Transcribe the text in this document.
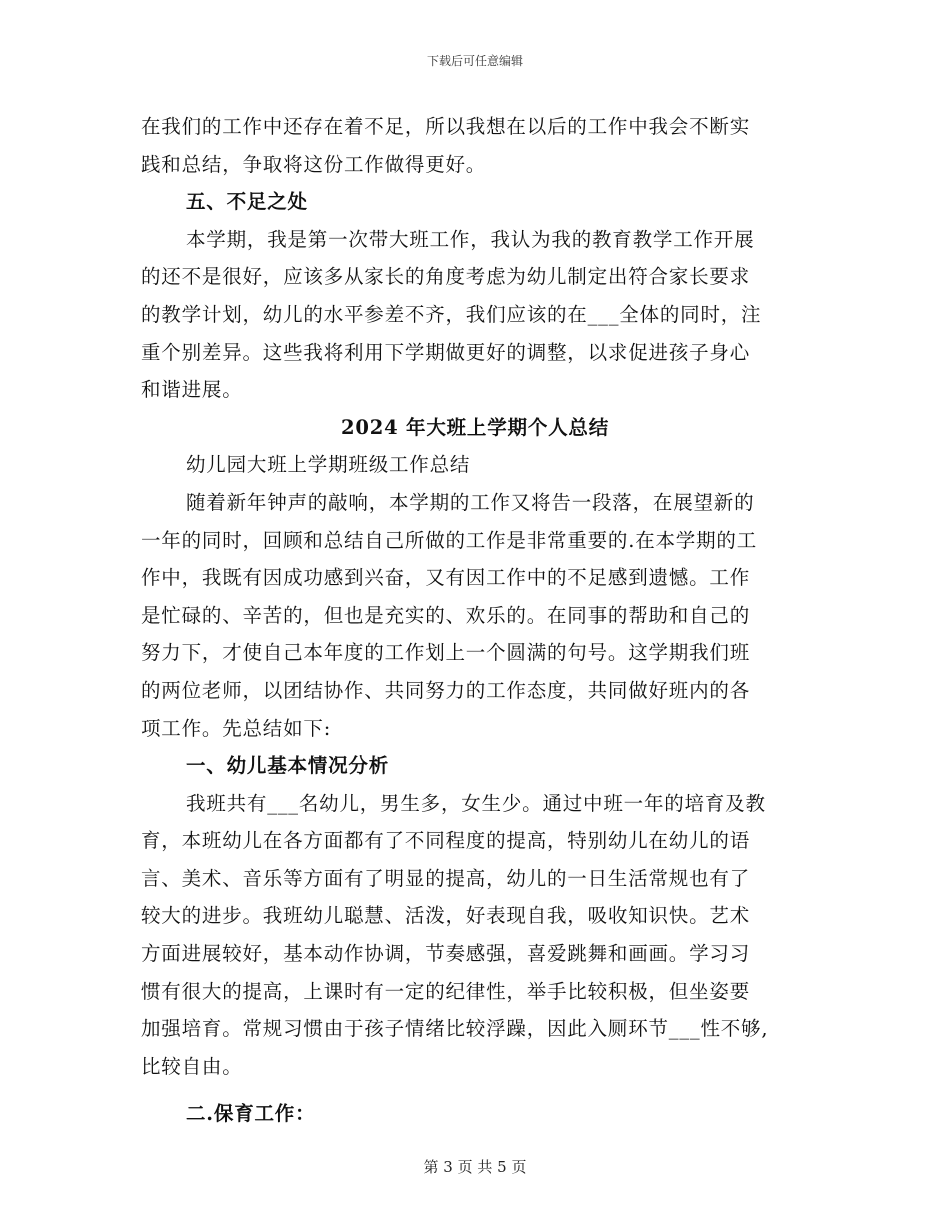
下载后可任意编辑
在我们的工作中还存在着不足，所以我想在以后的工作中我会不断实
践和总结，争取将这份工作做得更好。
五、不足之处
本学期，我是第一次带大班工作，我认为我的教育教学工作开展
的还不是很好，应该多从家长的角度考虑为幼儿制定出符合家长要求
的教学计划，幼儿的水平参差不齐，我们应该的在___全体的同时，注
重个别差异。这些我将利用下学期做更好的调整，以求促进孩子身心
和谐进展。
2024 年大班上学期个人总结
幼儿园大班上学期班级工作总结
随着新年钟声的敲响，本学期的工作又将告一段落，在展望新的
一年的同时，回顾和总结自己所做的工作是非常重要的.在本学期的工
作中，我既有因成功感到兴奋，又有因工作中的不足感到遗憾。工作
是忙碌的、辛苦的，但也是充实的、欢乐的。在同事的帮助和自己的
努力下，才使自己本年度的工作划上一个圆满的句号。这学期我们班
的两位老师，以团结协作、共同努力的工作态度，共同做好班内的各
项工作。先总结如下:
一、幼儿基本情况分析
我班共有___名幼儿，男生多，女生少。通过中班一年的培育及教
育，本班幼儿在各方面都有了不同程度的提高，特别幼儿在幼儿的语
言、美术、音乐等方面有了明显的提高，幼儿的一日生活常规也有了
较大的进步。我班幼儿聪慧、活泼，好表现自我，吸收知识快。艺术
方面进展较好，基本动作协调，节奏感强，喜爱跳舞和画画。学习习
惯有很大的提高，上课时有一定的纪律性，举手比较积极，但坐姿要
加强培育。常规习惯由于孩子情绪比较浮躁，因此入厕环节___性不够,
比较自由。
二.保育工作：
第 3 页 共 5 页
